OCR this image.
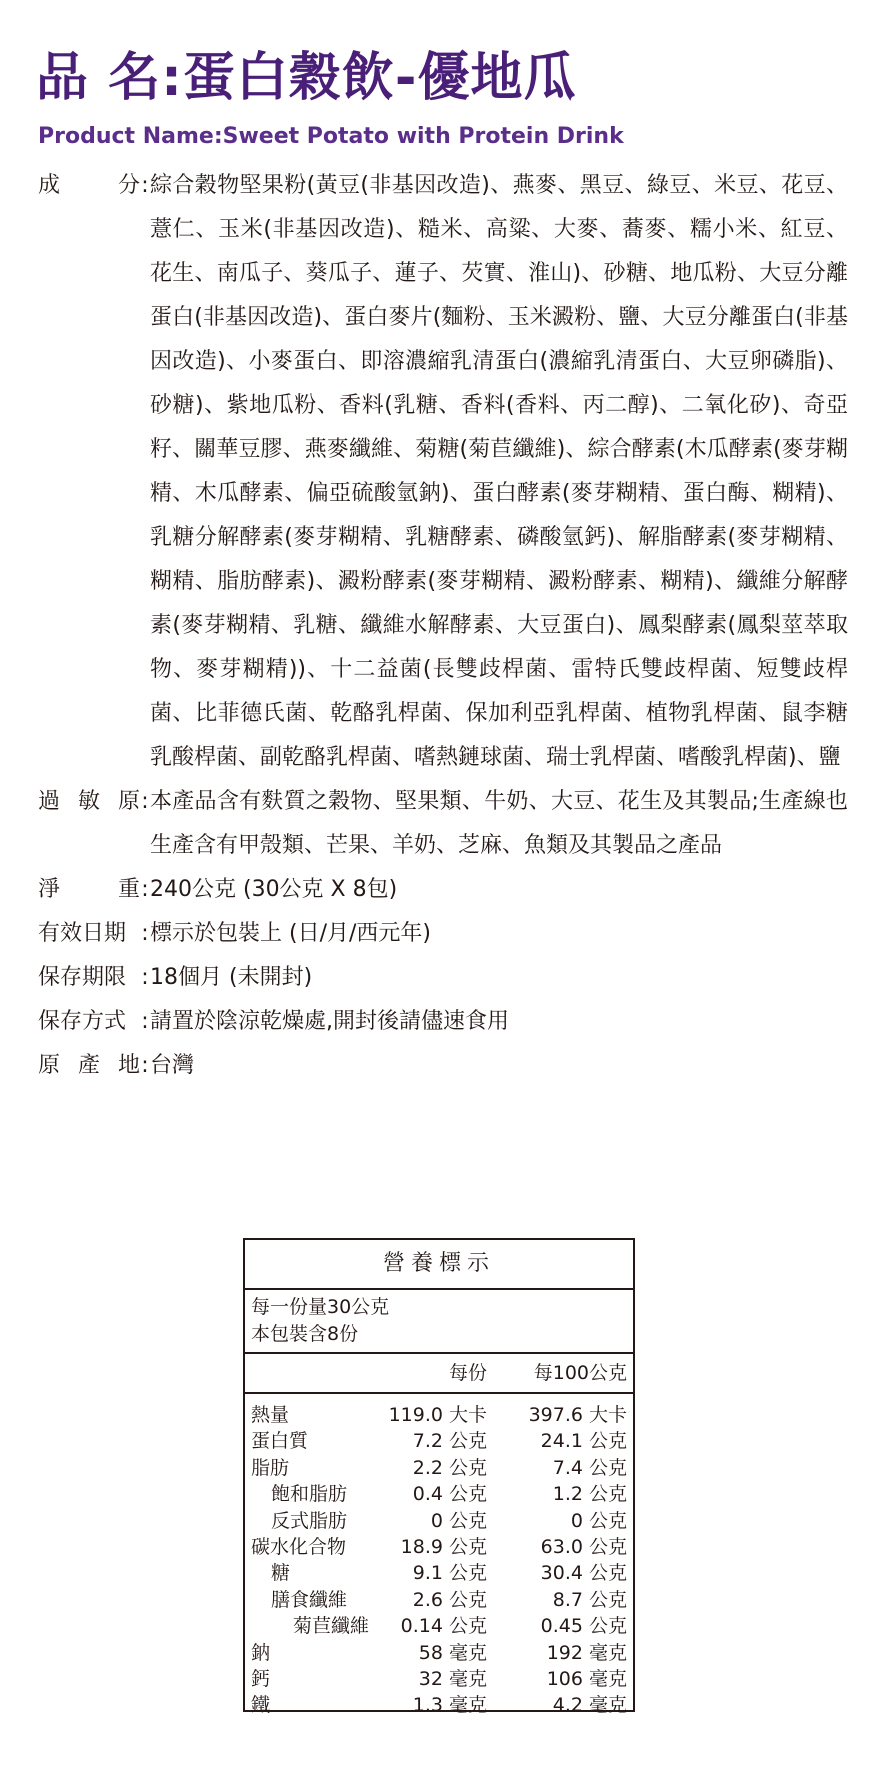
品 名:蛋白穀飲-優地瓜

Product Name:Sweet Potato with Protein Drink

成	分 : 綜合穀物堅果粉(黃豆(非基因改造)、燕麥、黑豆、綠豆、米豆、花豆、薏仁、玉米(非基因改造)、糙米、高粱、大麥、蕎麥、糯小米、紅豆、花生、南瓜子、葵瓜子、蓮子、芡實、淮山)、砂糖、地瓜粉、大豆分離蛋白(非基因改造)、蛋白麥片(麵粉、玉米澱粉、鹽、大豆分離蛋白(非基因改造)、小麥蛋白、即溶濃縮乳清蛋白(濃縮乳清蛋白、大豆卵磷脂)、砂糖)、紫地瓜粉、香料(乳糖、香料(香料、丙二醇)、二氧化矽)、奇亞籽、關華豆膠、燕麥纖維、菊糖(菊苣纖維)、綜合酵素(木瓜酵素(麥芽糊精、木瓜酵素、偏亞硫酸氫鈉)、蛋白酵素(麥芽糊精、蛋白酶、糊精)、乳糖分解酵素(麥芽糊精、乳糖酵素、磷酸氫鈣)、解脂酵素(麥芽糊精、糊精、脂肪酵素)、澱粉酵素(麥芽糊精、澱粉酵素、糊精)、纖維分解酵素(麥芽糊精、乳糖、纖維水解酵素、大豆蛋白)、鳳梨酵素(鳳梨莖萃取物、麥芽糊精))、十二益菌(長雙歧桿菌、雷特氏雙歧桿菌、短雙歧桿菌、比菲德氏菌、乾酪乳桿菌、保加利亞乳桿菌、植物乳桿菌、鼠李糖乳酸桿菌、副乾酪乳桿菌、嗜熱鏈球菌、瑞士乳桿菌、嗜酸乳桿菌)、鹽
過 敏 原 : 本產品含有麩質之穀物、堅果類、牛奶、大豆、花生及其製品;生產線也生產含有甲殼類、芒果、羊奶、芝麻、魚類及其製品之產品
淨	重 : 240公克 (30公克 X 8包)
有效日期 : 標示於包裝上 (日/月/西元年)
保存期限 : 18個月 (未開封)
保存方式 : 請置於陰涼乾燥處,開封後請儘速食用
原 產 地 : 台灣
營養標示
每一份量30公克
本包裝含8份
每份	每100公克
熱量	119.0 大卡	397.6 大卡
蛋白質	7.2 公克	24.1 公克
脂肪	2.2 公克	7.4 公克
飽和脂肪	0.4 公克	1.2 公克
反式脂肪	0 公克	0 公克
碳水化合物	18.9 公克	63.0 公克
糖	9.1 公克	30.4 公克
膳食纖維	2.6 公克	8.7 公克
菊苣纖維	0.14 公克	0.45 公克
鈉	58 毫克	192 毫克
鈣	32 毫克	106 毫克
鐵	1.3 毫克	4.2 毫克
